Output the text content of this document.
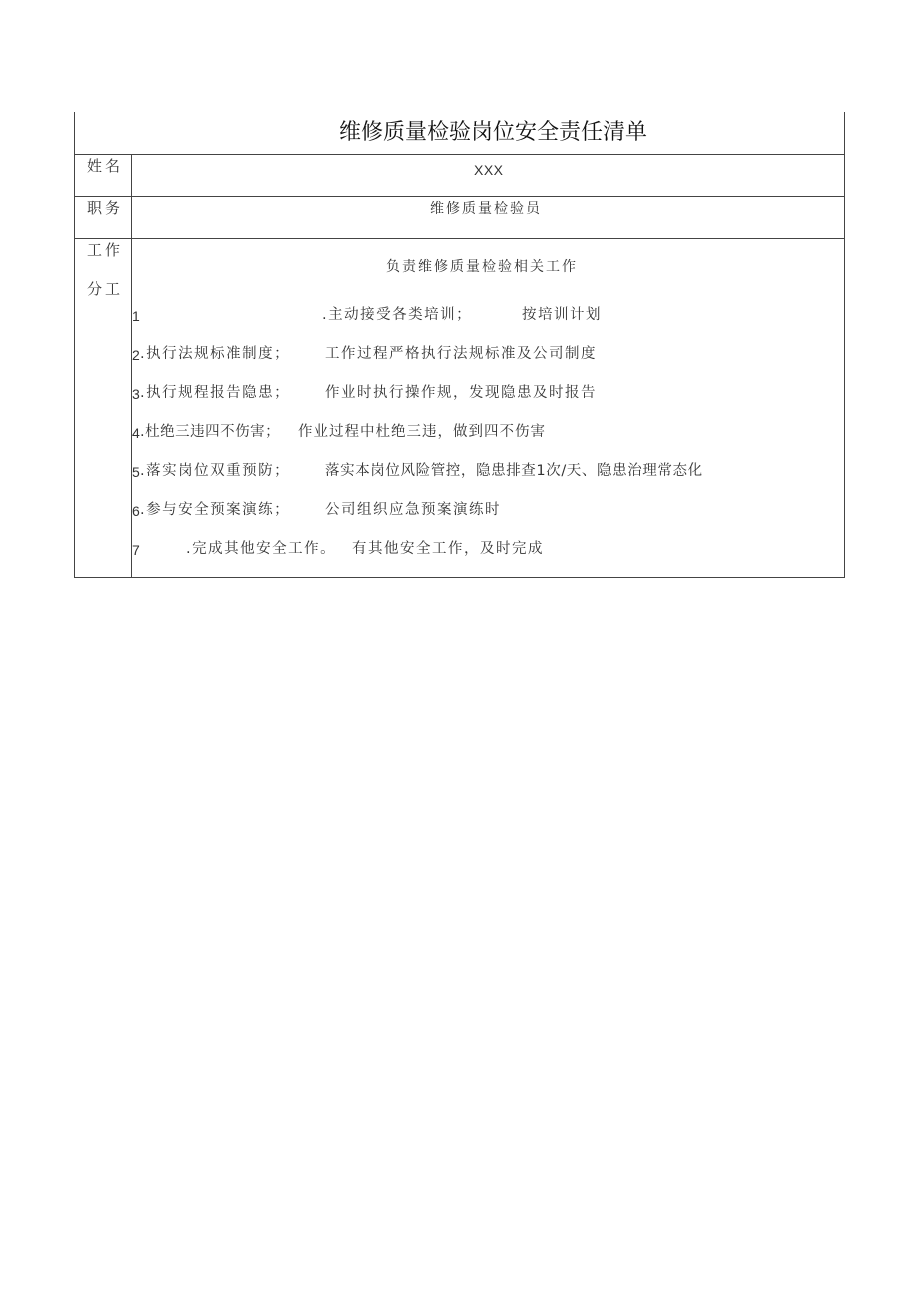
维修质量检验岗位安全责任清单
姓名	XXX
职务	维修质量检验员
工作
分工
负责维修质量检验相关工作
1	.主动接受各类培训；	按培训计划
2 .执行法规标准制度； 工作过程严格执行法规标准及公司制度
3 .执行规程报告隐患； 作业时执行操作规，发现隐患及时报告
4 .杜绝三违四不伤害； 作业过程中杜绝三违，做到四不伤害
5 .落实岗位双重预防； 落实本岗位风险管控，隐患排查1次/天、隐患治理常态化
6 .参与安全预案演练； 公司组织应急预案演练时
7	.完成其他安全工作。 有其他安全工作，及时完成
